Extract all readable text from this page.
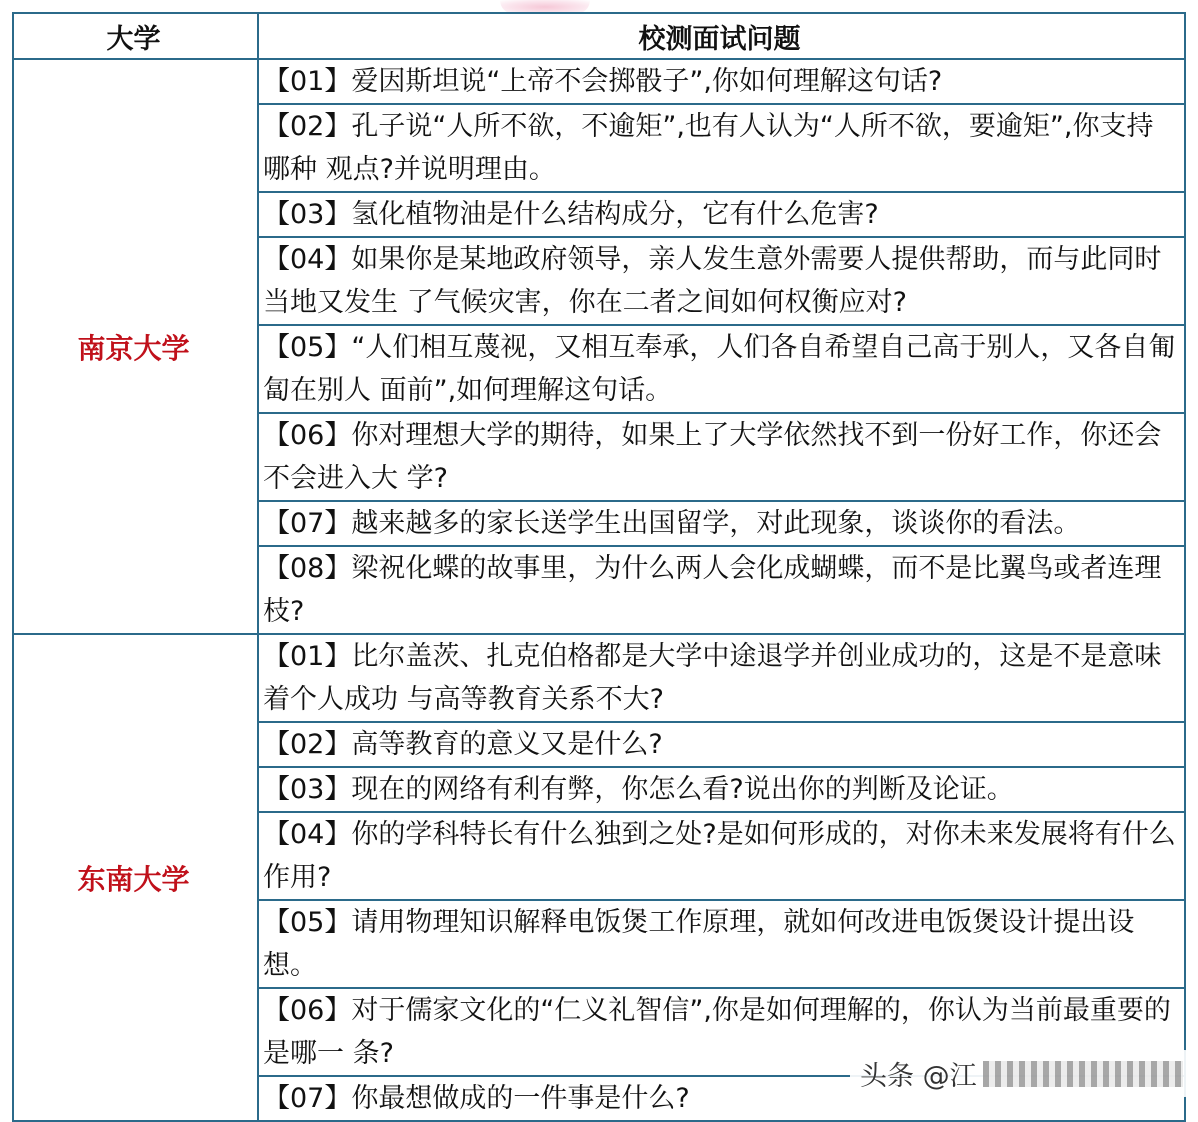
大学	校测面试问题
南京大学	【01】爱因斯坦说“上帝不会掷骰子”,你如何理解这句话?
	【02】孔子说“人所不欲，不逾矩”,也有人认为“人所不欲，要逾矩”,你支持哪种 观点?并说明理由。
	【03】氢化植物油是什么结构成分，它有什么危害?
	【04】如果你是某地政府领导，亲人发生意外需要人提供帮助，而与此同时当地又发生 了气候灾害，你在二者之间如何权衡应对?
	【05】“人们相互蔑视，又相互奉承，人们各自希望自己高于别人，又各自匍匐在别人 面前”,如何理解这句话。
	【06】你对理想大学的期待，如果上了大学依然找不到一份好工作，你还会不会进入大 学?
	【07】越来越多的家长送学生出国留学，对此现象，谈谈你的看法。
	【08】梁祝化蝶的故事里，为什么两人会化成蝴蝶，而不是比翼鸟或者连理枝?
东南大学	【01】比尔盖茨、扎克伯格都是大学中途退学并创业成功的，这是不是意味着个人成功 与高等教育关系不大?
	【02】高等教育的意义又是什么?
	【03】现在的网络有利有弊，你怎么看?说出你的判断及论证。
	【04】你的学科特长有什么独到之处?是如何形成的，对你未来发展将有什么作用?
	【05】请用物理知识解释电饭煲工作原理，就如何改进电饭煲设计提出设想。
	【06】对于儒家文化的“仁义礼智信”,你是如何理解的，你认为当前最重要的是哪一 条?
	【07】你最想做成的一件事是什么?
头条 @江
